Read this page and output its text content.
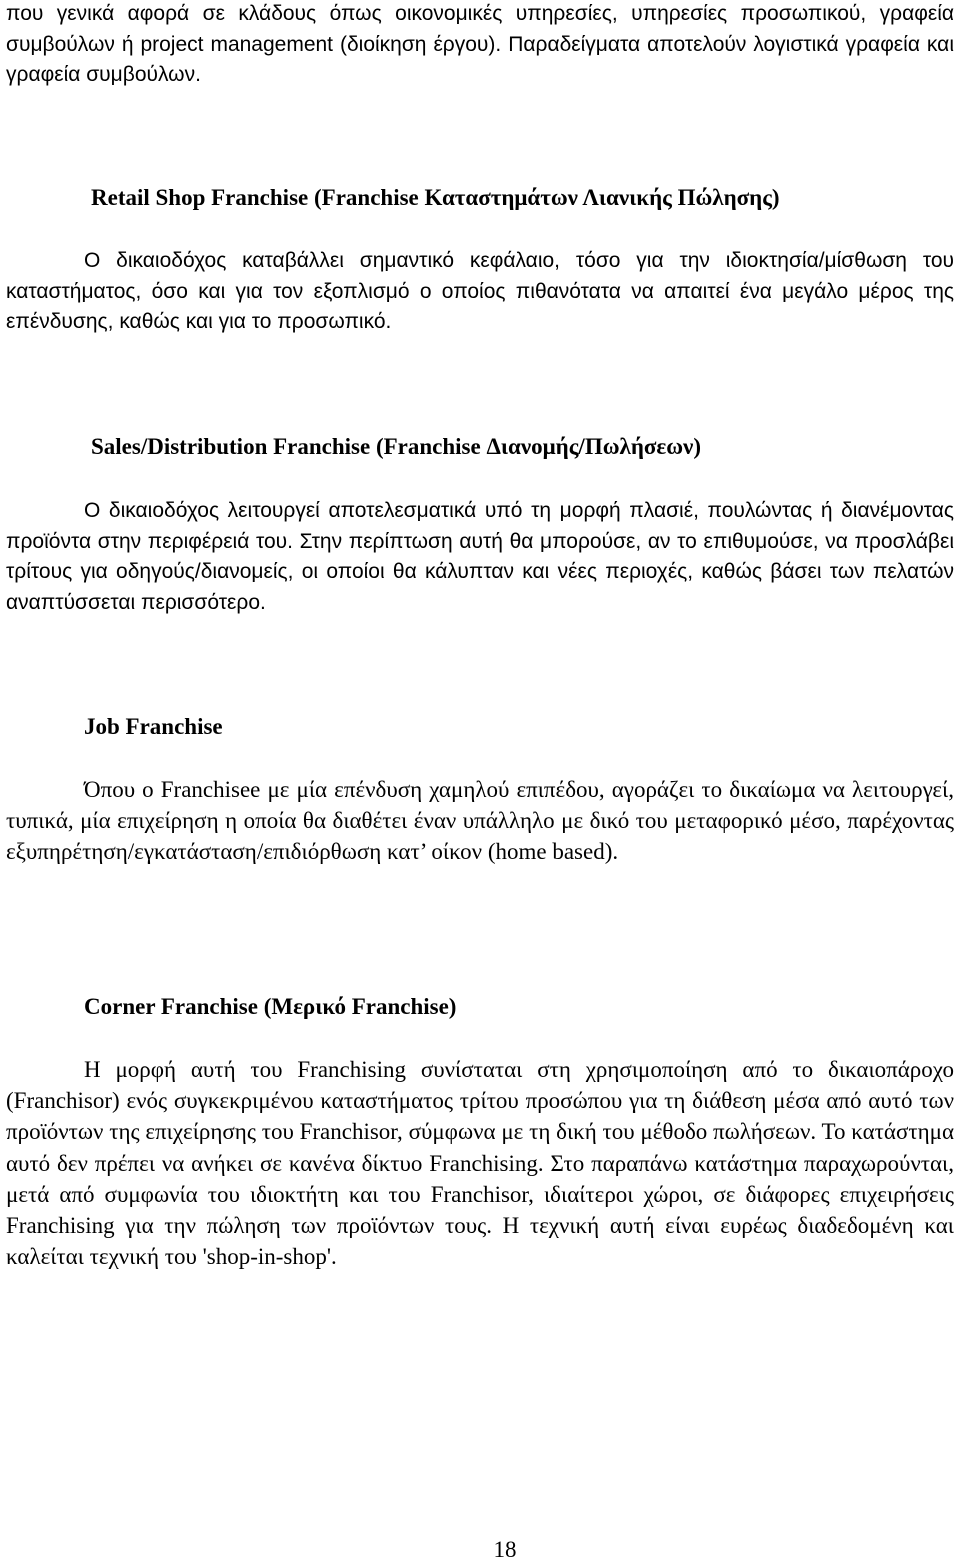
που γενικά αφορά σε κλάδους όπως οικονομικές υπηρεσίες, υπηρεσίες προσωπικού, γραφεία συμβούλων ή project management (διοίκηση έργου). Παραδείγματα αποτελούν λογιστικά γραφεία και γραφεία συμβούλων.

Retail Shop Franchise (Franchise Καταστημάτων Λιανικής Πώλησης)

Ο δικαιοδόχος καταβάλλει σημαντικό κεφάλαιο, τόσο για την ιδιοκτησία/μίσθωση του καταστήματος, όσο και για τον εξοπλισμό ο οποίος πιθανότατα να απαιτεί ένα μεγάλο μέρος της επένδυσης, καθώς και για το προσωπικό.

Sales/Distribution Franchise (Franchise Διανομής/Πωλήσεων)

Ο δικαιοδόχος λειτουργεί αποτελεσματικά υπό τη μορφή πλασιέ, πουλώντας ή διανέμοντας προϊόντα στην περιφέρειά του. Στην περίπτωση αυτή θα μπορούσε, αν το επιθυμούσε, να προσλάβει τρίτους για οδηγούς/διανομείς, οι οποίοι θα κάλυπταν και νέες περιοχές, καθώς βάσει των πελατών αναπτύσσεται περισσότερο.

Job Franchise

Όπου ο Franchisee με μία επένδυση χαμηλού επιπέδου, αγοράζει το δικαίωμα να λειτουργεί, τυπικά, μία επιχείρηση η οποία θα διαθέτει έναν υπάλληλο με δικό του μεταφορικό μέσο, παρέχοντας εξυπηρέτηση/εγκατάσταση/επιδιόρθωση κατ’ οίκον (home based).

Corner Franchise (Μερικό Franchise)

Η μορφή αυτή του Franchising συνίσταται στη χρησιμοποίηση από το δικαιοπάροχο (Franchisor) ενός συγκεκριμένου καταστήματος τρίτου προσώπου για τη διάθεση μέσα από αυτό των προϊόντων της επιχείρησης του Franchisor, σύμφωνα με τη δική του μέθοδο πωλήσεων. Το κατάστημα αυτό δεν πρέπει να ανήκει σε κανένα δίκτυο Franchising. Στο παραπάνω κατάστημα παραχωρούνται, μετά από συμφωνία του ιδιοκτήτη και του Franchisor, ιδιαίτεροι χώροι, σε διάφορες επιχειρήσεις Franchising για την πώληση των προϊόντων τους. Η τεχνική αυτή είναι ευρέως διαδεδομένη και καλείται τεχνική του 'shop-in-shop'.

18
